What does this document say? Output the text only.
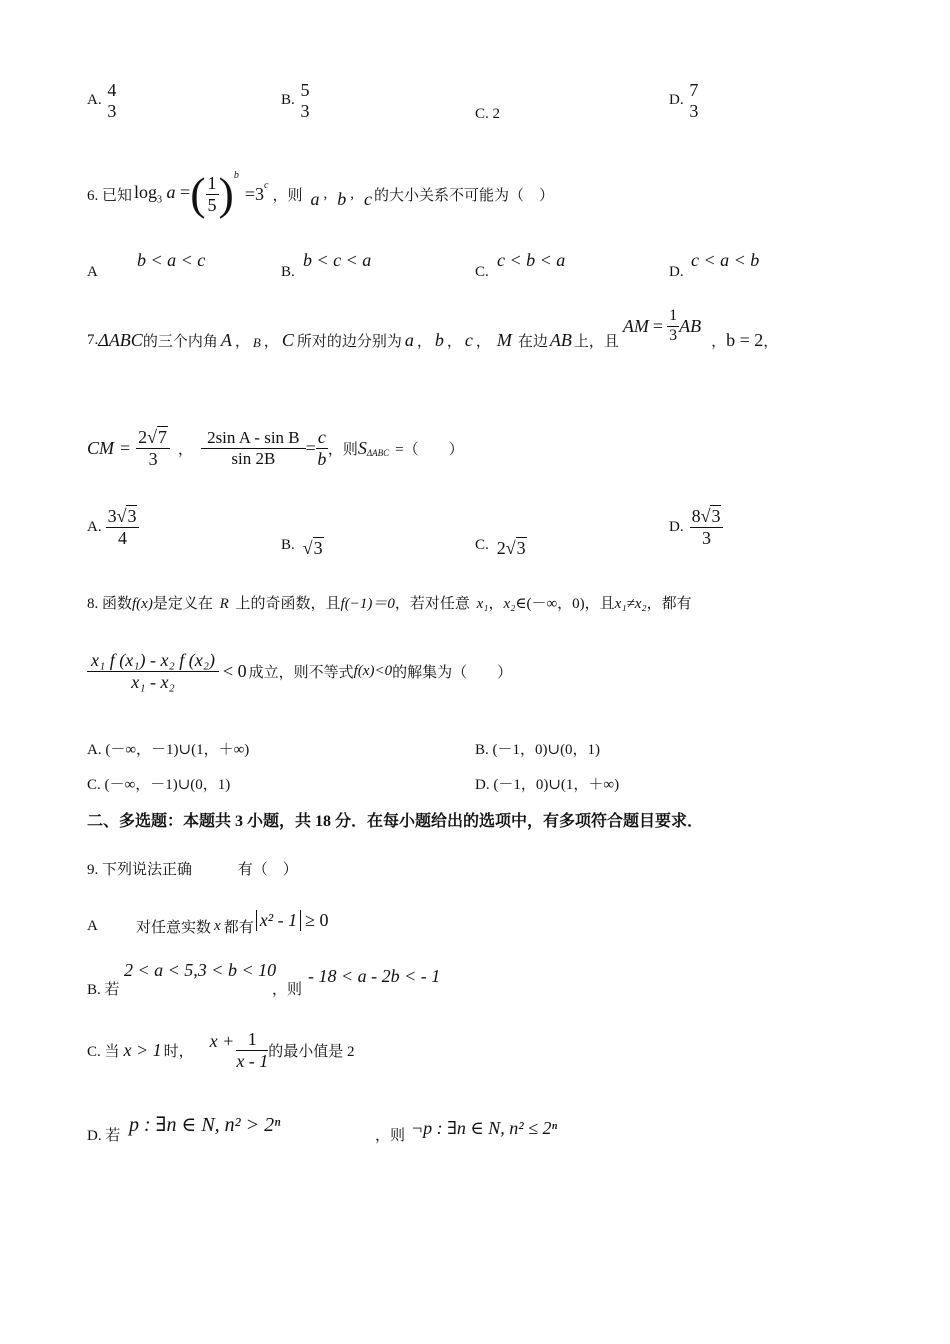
A.
4
3
B.
5
3	C. 2
D.
7
3
6. 已知 $\log_3 a$ = ( $\frac{1}{5}$ ) b
=3 c
，则 a , b , c 的大小关系不可能为（　）
A
b < a < c
B.
b < c < a
C.
c < b < a
D.
c < a < b
7. ΔABC 的三个内角 A ， B ， C 所对的边分别为 a ， b ， c ， M 在边 AB 上，且
AM = $\frac{1}{3}$ AB
， b = 2 ，
CM = $\frac{2√7}{3}$ ， $\frac{\text{2sin A - sin B}}{\sin 2B} = \frac{c}{b}$ ，则 S ΔABC =（　　）
A. $\frac{3√3}{4}$	B. √3	C. 2√3
D. $\frac{8√3}{3}$
8. 函数f(x)是定义在 R 上的奇函数，且f(−1)＝0，若对任意 x₁，x₂∈(－∞，0)，且x₁≠x₂，都有
$\frac{\text{x₁ f (x₁) - x₂ f (x₂)}}{\text{x₁ - x₂}} < 0$ 成立，则不等式 f(x)<0 的解集为（　　）
A. (－∞，－1)∪(1，＋∞)	B. (－1，0)∪(0，1)
C. (－∞，－1)∪(0，1)	D. (－1，0)∪(1，＋∞)
二、多选题：本题共 3 小题，共 18 分．在每小题给出的选项中，有多项符合题目要求．
9. 下列说法正确	有（　）
A	对任意实数 x 都有 x² - 1 ≥ 0
B. 若
2 < a < 5,3 < b < 10
，则
- 18 < a - 2b < - 1
C. 当 x > 1 时，
$x + \frac{1}{x - 1}$ 的最小值是 2
D. 若 p : ∃n ∈ N, n² > 2ⁿ	，则 ¬p : ∃n ∈ N, n² ≤ 2ⁿ
